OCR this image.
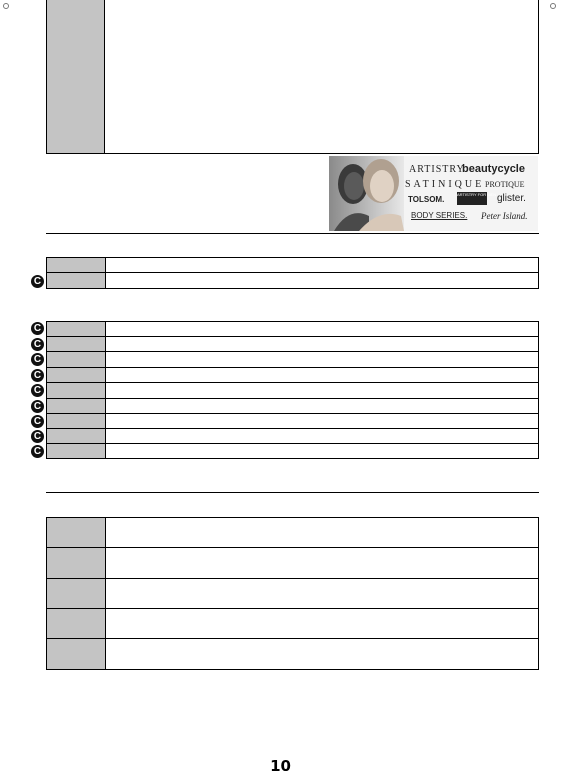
ARTISTRY
beautycycle
SATINIQUE PROTIQUE
TOLSOM.
ARTISTRY FOR MEN glister.
BODY SERIES. Peter Island.
C
C
C
C
C
C
C
C
C
C
10
